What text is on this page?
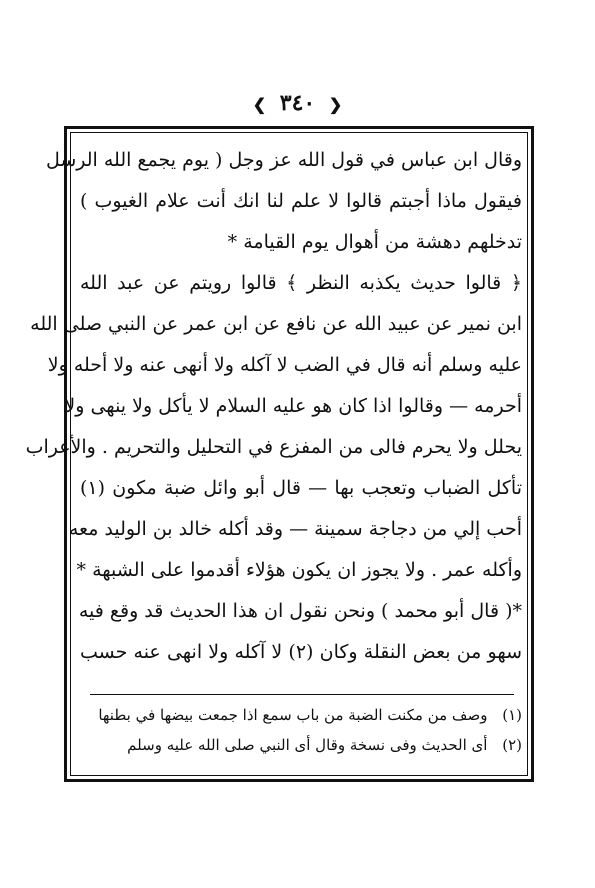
❮ ٣٤٠ ❯
وقال ابن عباس في قول الله عز وجل ( يوم يجمع الله الرسل
فيقول ماذا أجبتم قالوا لا علم لنا انك أنت علام الغيوب )
تدخلهم دهشة من أهوال يوم القيامة *
﴿ قالوا حديث يكذبه النظر ﴾ قالوا رويتم عن عبد الله
ابن نمير عن عبيد الله عن نافع عن ابن عمر عن النبي صلى الله
عليه وسلم أنه قال في الضب لا آكله ولا أنهى عنه ولا أحله ولا
أحرمه — وقالوا اذا كان هو عليه السلام لا يأكل ولا ينهى ولا
يحلل ولا يحرم فالى من المفزع في التحليل والتحريم . والأعراب
تأكل الضباب وتعجب بها — قال أبو وائل ضبة مكون (١)
أحب إلي من دجاجة سمينة — وقد أكله خالد بن الوليد معه
وأكله عمر . ولا يجوز ان يكون هؤلاء أقدموا على الشبهة *
*( قال أبو محمد ) ونحن نقول ان هذا الحديث قد وقع فيه
سهو من بعض النقلة وكان (٢) لا آكله ولا انهى عنه حسب
(١) وصف من مكنت الضبة من باب سمع اذا جمعت بيضها في بطنها
(٢) أى الحديث وفى نسخة وقال أى النبي صلى الله عليه وسلم
